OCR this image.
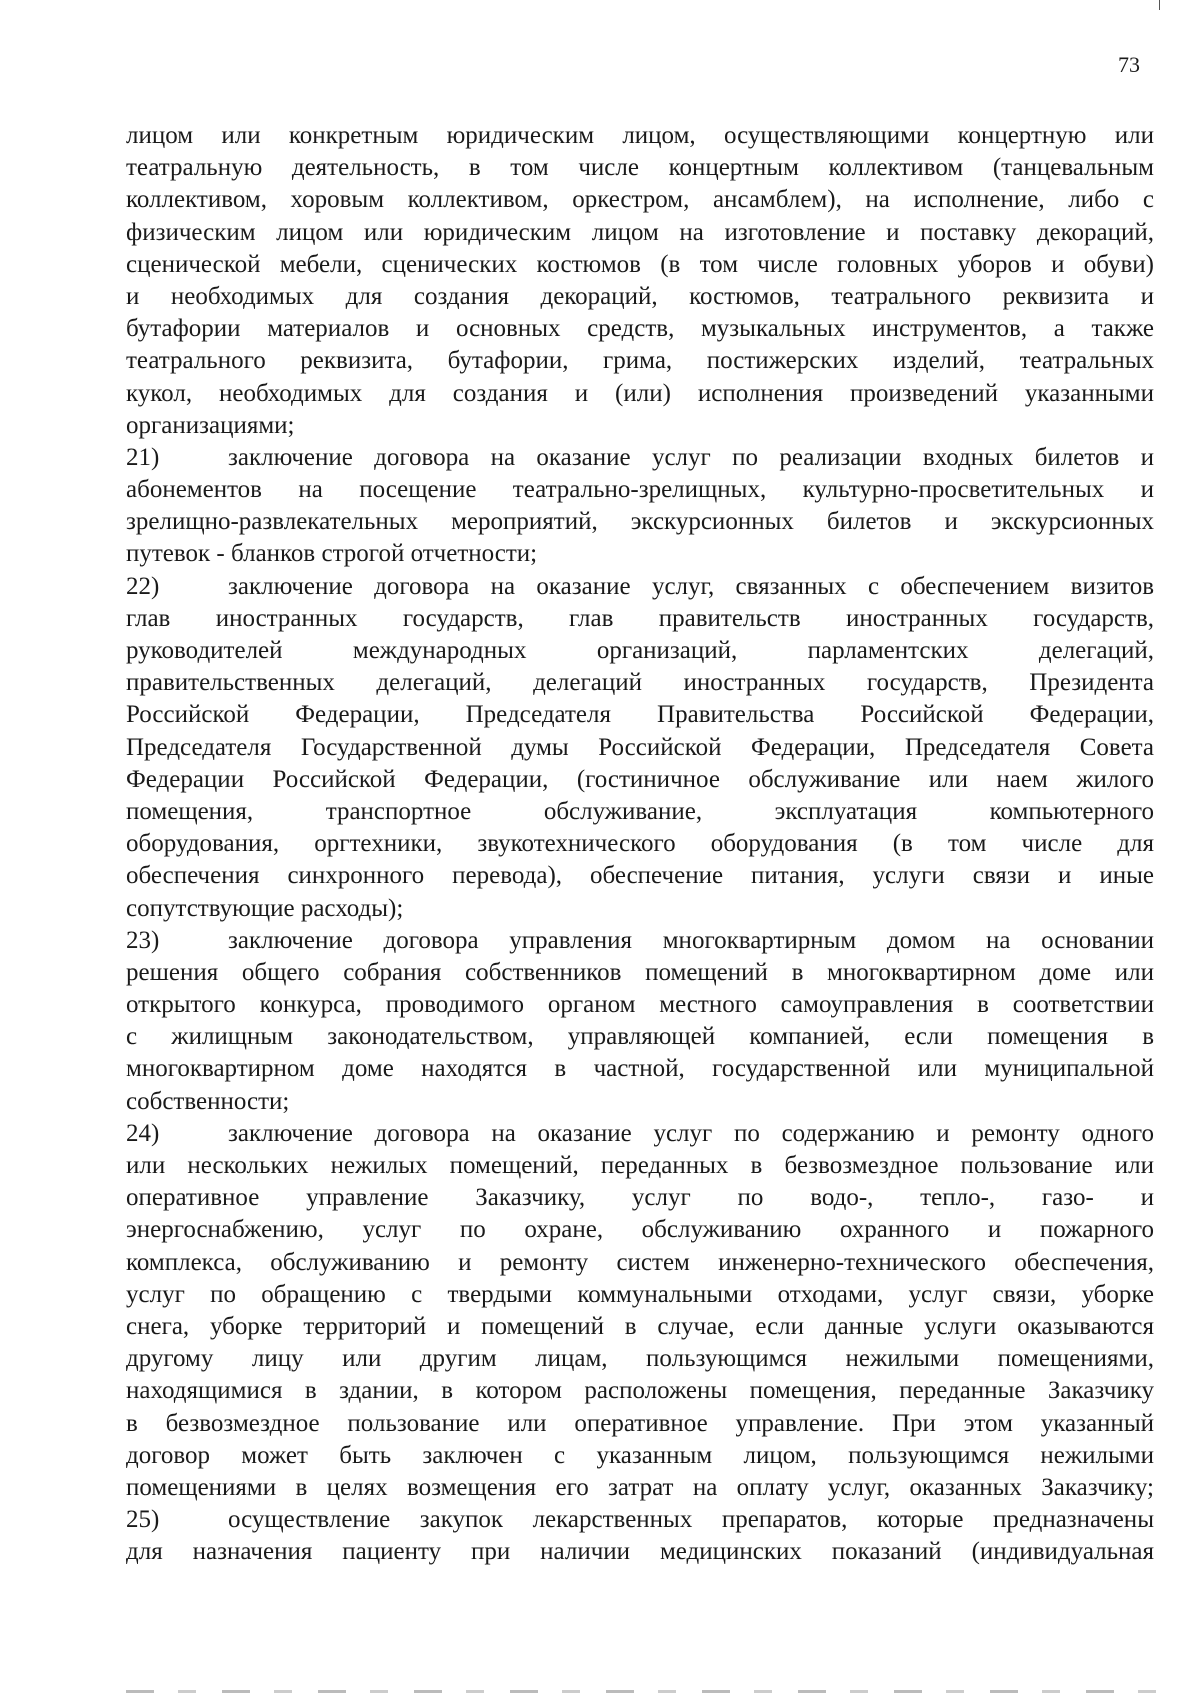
73
лицом или конкретным юридическим лицом, осуществляющими концертную или
театральную деятельность, в том числе концертным коллективом (танцевальным
коллективом, хоровым коллективом, оркестром, ансамблем), на исполнение, либо с
физическим лицом или юридическим лицом на изготовление и поставку декораций,
сценической мебели, сценических костюмов (в том числе головных уборов и обуви)
и необходимых для создания декораций, костюмов, театрального реквизита и
бутафории материалов и основных средств, музыкальных инструментов, а также
театрального реквизита, бутафории, грима, постижерских изделий, театральных
кукол, необходимых для создания и (или) исполнения произведений указанными
организациями;
21)	заключение договора на оказание услуг по реализации входных билетов и
абонементов на посещение театрально-зрелищных, культурно-просветительных и
зрелищно-развлекательных мероприятий, экскурсионных билетов и экскурсионных
путевок - бланков строгой отчетности;
22)	заключение договора на оказание услуг, связанных с обеспечением визитов
глав иностранных государств, глав правительств иностранных государств,
руководителей международных организаций, парламентских делегаций,
правительственных делегаций, делегаций иностранных государств, Президента
Российской Федерации, Председателя Правительства Российской Федерации,
Председателя Государственной думы Российской Федерации, Председателя Совета
Федерации Российской Федерации, (гостиничное обслуживание или наем жилого
помещения, транспортное обслуживание, эксплуатация компьютерного
оборудования, оргтехники, звукотехнического оборудования (в том числе для
обеспечения синхронного перевода), обеспечение питания, услуги связи и иные
сопутствующие расходы);
23)	заключение договора управления многоквартирным домом на основании
решения общего собрания собственников помещений в многоквартирном доме или
открытого конкурса, проводимого органом местного самоуправления в соответствии
с жилищным законодательством, управляющей компанией, если помещения в
многоквартирном доме находятся в частной, государственной или муниципальной
собственности;
24)	заключение договора на оказание услуг по содержанию и ремонту одного
или нескольких нежилых помещений, переданных в безвозмездное пользование или
оперативное управление Заказчику, услуг по водо-, тепло-, газо- и
энергоснабжению, услуг по охране, обслуживанию охранного и пожарного
комплекса, обслуживанию и ремонту систем инженерно-технического обеспечения,
услуг по обращению с твердыми коммунальными отходами, услуг связи, уборке
снега, уборке территорий и помещений в случае, если данные услуги оказываются
другому лицу или другим лицам, пользующимся нежилыми помещениями,
находящимися в здании, в котором расположены помещения, переданные Заказчику
в безвозмездное пользование или оперативное управление. При этом указанный
договор может быть заключен с указанным лицом, пользующимся нежилыми
помещениями в целях возмещения его затрат на оплату услуг, оказанных Заказчику;
25)	осуществление закупок лекарственных препаратов, которые предназначены
для назначения пациенту при наличии медицинских показаний (индивидуальная
